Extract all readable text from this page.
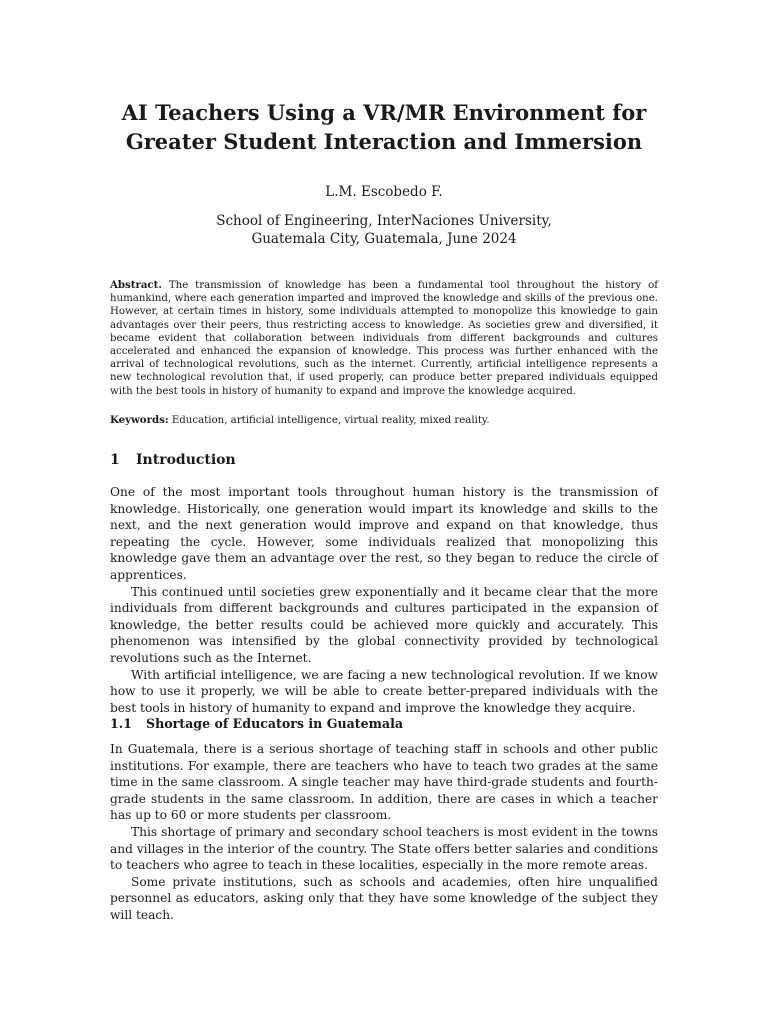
AI Teachers Using a VR/MR Environment for
Greater Student Interaction and Immersion
L.M. Escobedo F.
School of Engineering, InterNaciones University,
Guatemala City, Guatemala, June 2024

Abstract. The transmission of knowledge has been a fundamental tool throughout the history of humankind, where each generation imparted and improved the knowledge and skills of the previous one. However, at certain times in history, some individuals attempted to monopolize this knowledge to gain advantages over their peers, thus restricting access to knowledge. As societies grew and diversified, it became evident that collaboration between individuals from different backgrounds and cultures accelerated and enhanced the expansion of knowledge. This process was further enhanced with the arrival of technological revolutions, such as the internet. Currently, artificial intelligence represents a new technological revolution that, if used properly, can produce better prepared individuals equipped with the best tools in history of humanity to expand and improve the knowledge acquired.

Keywords: Education, artificial intelligence, virtual reality, mixed reality.

1 Introduction

One of the most important tools throughout human history is the transmission of knowledge. Historically, one generation would impart its knowledge and skills to the next, and the next generation would improve and expand on that knowledge, thus repeating the cycle. However, some individuals realized that monopolizing this knowledge gave them an advantage over the rest, so they began to reduce the circle of apprentices.

This continued until societies grew exponentially and it became clear that the more individuals from different backgrounds and cultures participated in the expansion of knowledge, the better results could be achieved more quickly and accurately. This phenomenon was intensified by the global connectivity provided by technological revolutions such as the Internet.

With artificial intelligence, we are facing a new technological revolution. If we know how to use it properly, we will be able to create better-prepared individuals with the best tools in history of humanity to expand and improve the knowledge they acquire.

1.1 Shortage of Educators in Guatemala

In Guatemala, there is a serious shortage of teaching staff in schools and other public institutions. For example, there are teachers who have to teach two grades at the same time in the same classroom. A single teacher may have third-grade students and fourth-grade students in the same classroom. In addition, there are cases in which a teacher has up to 60 or more students per classroom.

This shortage of primary and secondary school teachers is most evident in the towns and villages in the interior of the country. The State offers better salaries and conditions to teachers who agree to teach in these localities, especially in the more remote areas.

Some private institutions, such as schools and academies, often hire unqualified personnel as educators, asking only that they have some knowledge of the subject they will teach.
